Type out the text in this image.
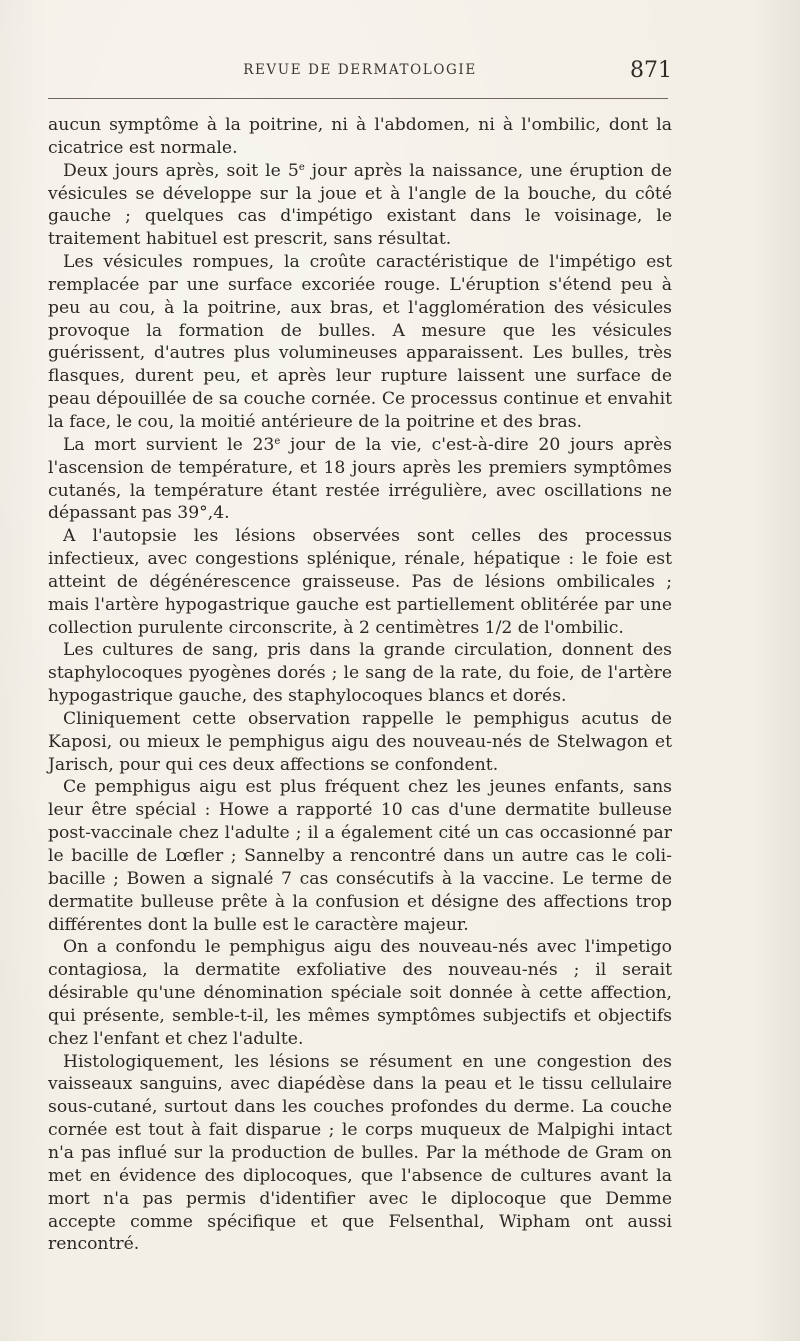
REVUE DE DERMATOLOGIE	871

aucun symptôme à la poitrine, ni à l'abdomen, ni à l'ombilic, dont la cicatrice est normale.

Deux jours après, soit le 5e jour après la naissance, une éruption de vésicules se développe sur la joue et à l'angle de la bouche, du côté gauche ; quelques cas d'impétigo existant dans le voisinage, le traitement habituel est prescrit, sans résultat.

Les vésicules rompues, la croûte caractéristique de l'impétigo est remplacée par une surface excoriée rouge. L'éruption s'étend peu à peu au cou, à la poitrine, aux bras, et l'agglomération des vésicules provoque la formation de bulles. A mesure que les vésicules guérissent, d'autres plus volumineuses apparaissent. Les bulles, très flasques, durent peu, et après leur rupture laissent une surface de peau dépouillée de sa couche cornée. Ce processus continue et envahit la face, le cou, la moitié antérieure de la poitrine et des bras.

La mort survient le 23e jour de la vie, c'est-à-dire 20 jours après l'ascension de température, et 18 jours après les premiers symptômes cutanés, la température étant restée irrégulière, avec oscillations ne dépassant pas 39°,4.

A l'autopsie les lésions observées sont celles des processus infectieux, avec congestions splénique, rénale, hépatique : le foie est atteint de dégénérescence graisseuse. Pas de lésions ombilicales ; mais l'artère hypogastrique gauche est partiellement oblitérée par une collection purulente circonscrite, à 2 centimètres 1/2 de l'ombilic.

Les cultures de sang, pris dans la grande circulation, donnent des staphylocoques pyogènes dorés ; le sang de la rate, du foie, de l'artère hypogastrique gauche, des staphylocoques blancs et dorés.

Cliniquement cette observation rappelle le pemphigus acutus de Kaposi, ou mieux le pemphigus aigu des nouveau-nés de Stelwagon et Jarisch, pour qui ces deux affections se confondent.

Ce pemphigus aigu est plus fréquent chez les jeunes enfants, sans leur être spécial : Howe a rapporté 10 cas d'une dermatite bulleuse post-vaccinale chez l'adulte ; il a également cité un cas occasionné par le bacille de Lœfler ; Sannelby a rencontré dans un autre cas le coli-bacille ; Bowen a signalé 7 cas consécutifs à la vaccine. Le terme de dermatite bulleuse prête à la confusion et désigne des affections trop différentes dont la bulle est le caractère majeur.

On a confondu le pemphigus aigu des nouveau-nés avec l'impetigo contagiosa, la dermatite exfoliative des nouveau-nés ; il serait désirable qu'une dénomination spéciale soit donnée à cette affection, qui présente, semble-t-il, les mêmes symptômes subjectifs et objectifs chez l'enfant et chez l'adulte.

Histologiquement, les lésions se résument en une congestion des vaisseaux sanguins, avec diapédèse dans la peau et le tissu cellulaire sous-cutané, surtout dans les couches profondes du derme. La couche cornée est tout à fait disparue ; le corps muqueux de Malpighi intact n'a pas influé sur la production de bulles. Par la méthode de Gram on met en évidence des diplocoques, que l'absence de cultures avant la mort n'a pas permis d'identifier avec le diplocoque que Demme accepte comme spécifique et que Felsenthal, Wipham ont aussi rencontré.
